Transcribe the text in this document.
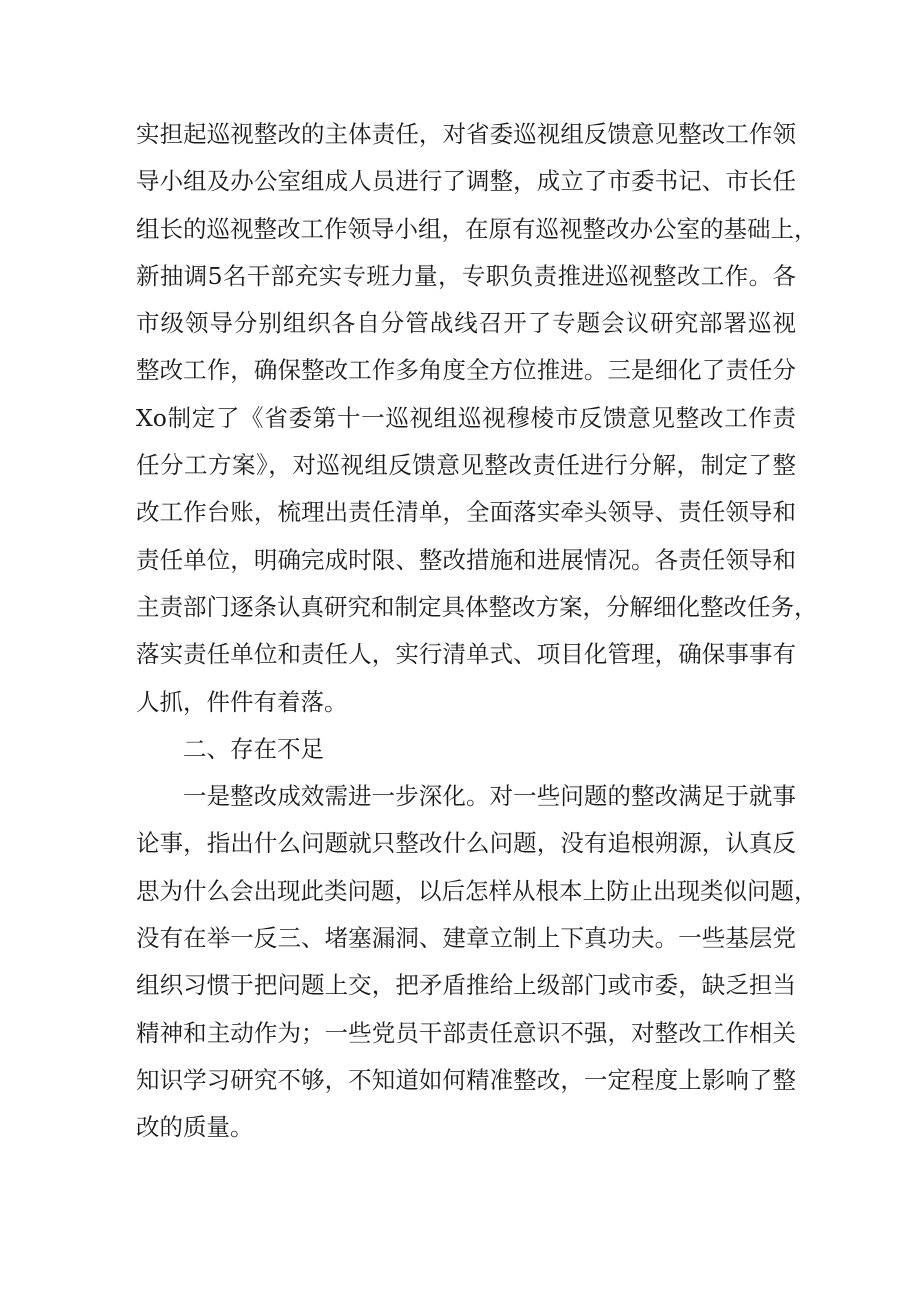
实担起巡视整改的主体责任，对省委巡视组反馈意见整改工作领
导小组及办公室组成人员进行了调整，成立了市委书记、市长任
组长的巡视整改工作领导小组，在原有巡视整改办公室的基础上，
新抽调5名干部充实专班力量，专职负责推进巡视整改工作。各
市级领导分别组织各自分管战线召开了专题会议研究部署巡视
整改工作，确保整改工作多角度全方位推进。三是细化了责任分
Xo制定了《省委第十一巡视组巡视穆棱市反馈意见整改工作责
任分工方案》，对巡视组反馈意见整改责任进行分解，制定了整
改工作台账，梳理出责任清单，全面落实牵头领导、责任领导和
责任单位，明确完成时限、整改措施和进展情况。各责任领导和
主责部门逐条认真研究和制定具体整改方案，分解细化整改任务，
落实责任单位和责任人，实行清单式、项目化管理，确保事事有
人抓，件件有着落。
二、存在不足
一是整改成效需进一步深化。对一些问题的整改满足于就事
论事，指出什么问题就只整改什么问题，没有追根朔源，认真反
思为什么会出现此类问题，以后怎样从根本上防止出现类似问题，
没有在举一反三、堵塞漏洞、建章立制上下真功夫。一些基层党
组织习惯于把问题上交，把矛盾推给上级部门或市委，缺乏担当
精神和主动作为；一些党员干部责任意识不强，对整改工作相关
知识学习研究不够，不知道如何精准整改，一定程度上影响了整
改的质量。
